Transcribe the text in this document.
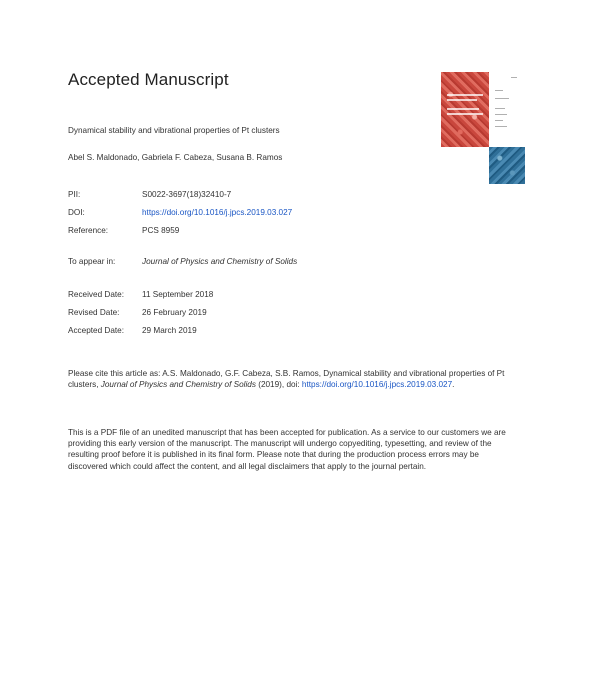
Accepted Manuscript
Dynamical stability and vibrational properties of Pt clusters
Abel S. Maldonado, Gabriela F. Cabeza, Susana B. Ramos
PII:	S0022-3697(18)32410-7
DOI:	https://doi.org/10.1016/j.jpcs.2019.03.027
Reference:	PCS 8959
To appear in:	Journal of Physics and Chemistry of Solids
Received Date: 11 September 2018
Revised Date:	26 February 2019
Accepted Date: 29 March 2019
Please cite this article as: A.S. Maldonado, G.F. Cabeza, S.B. Ramos, Dynamical stability and vibrational properties of Pt clusters, Journal of Physics and Chemistry of Solids (2019), doi: https://doi.org/10.1016/j.jpcs.2019.03.027.
This is a PDF file of an unedited manuscript that has been accepted for publication. As a service to our customers we are providing this early version of the manuscript. The manuscript will undergo copyediting, typesetting, and review of the resulting proof before it is published in its final form. Please note that during the production process errors may be discovered which could affect the content, and all legal disclaimers that apply to the journal pertain.
